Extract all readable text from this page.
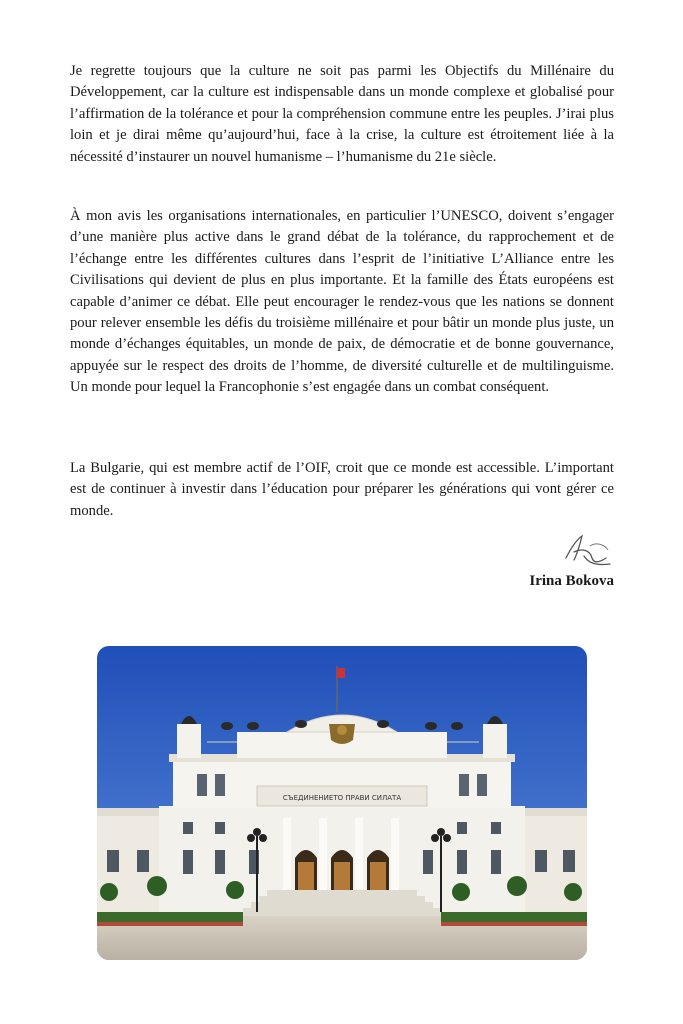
Je regrette toujours que la culture ne soit pas parmi les Objectifs du Millénaire du Développement, car la culture est indispensable dans un monde complexe et globalisé pour l’affirmation de la tolérance et pour la compréhension commune entre les peuples. J’irai plus loin et je dirai même qu’aujourd’hui, face à la crise, la culture est étroitement liée à la nécessité d’instaurer un nouvel humanisme – l’humanisme du 21e siècle.

À mon avis les organisations internationales, en particulier l’UNESCO, doivent s’engager d’une manière plus active dans le grand débat de la tolérance, du rapprochement et de l’échange entre les différentes cultures dans l’esprit de l’initiative L’Alliance entre les Civilisations qui devient de plus en plus importante. Et la famille des États européens est capable d’animer ce débat. Elle peut encourager le rendez-vous que les nations se donnent pour relever ensemble les défis du troisième millénaire et pour bâtir un monde plus juste, un monde d’échanges équitables, un monde de paix, de démocratie et de bonne gouvernance, appuyée sur le respect des droits de l’homme, de diversité culturelle et de multilinguisme. Un monde pour lequel la Francophonie s’est engagée dans un combat conséquent.

La Bulgarie, qui est membre actif de l’OIF, croit que ce monde est accessible. L’important est de continuer à investir dans l’éducation pour préparer les générations qui vont gérer ce monde.

Irina Bokova
СЪЕДИНЕНИЕТО ПРАВИ СИЛАТА
